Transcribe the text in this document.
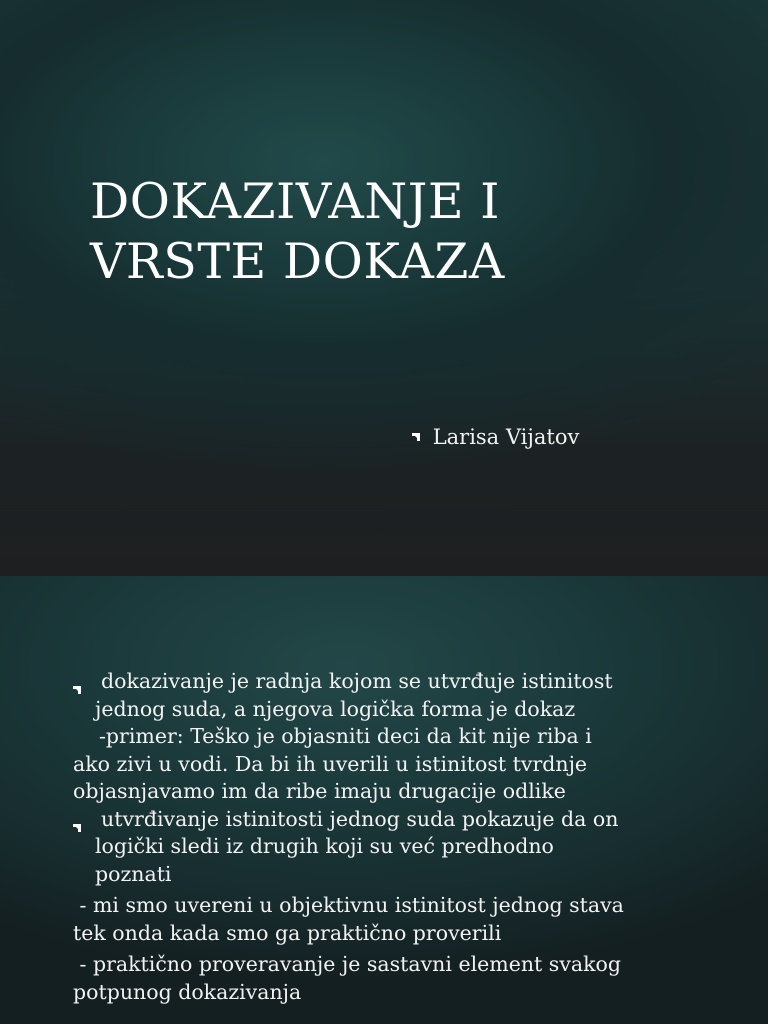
DOKAZIVANJE I
VRSTE DOKAZA
Larisa Vijatov

dokazivanje je radnja kojom se utvrđuje istinitost
jednog suda, a njegova logička forma je dokaz

-primer: Teško je objasniti deci da kit nije riba i
ako zivi u vodi. Da bi ih uverili u istinitost tvrdnje
objasnjavamo im da ribe imaju drugacije odlike

utvrđivanje istinitosti jednog suda pokazuje da on
logički sledi iz drugih koji su već predhodno
poznati

- mi smo uvereni u objektivnu istinitost jednog stava
tek onda kada smo ga praktično proverili

- praktično proveravanje je sastavni element svakog
potpunog dokazivanja
